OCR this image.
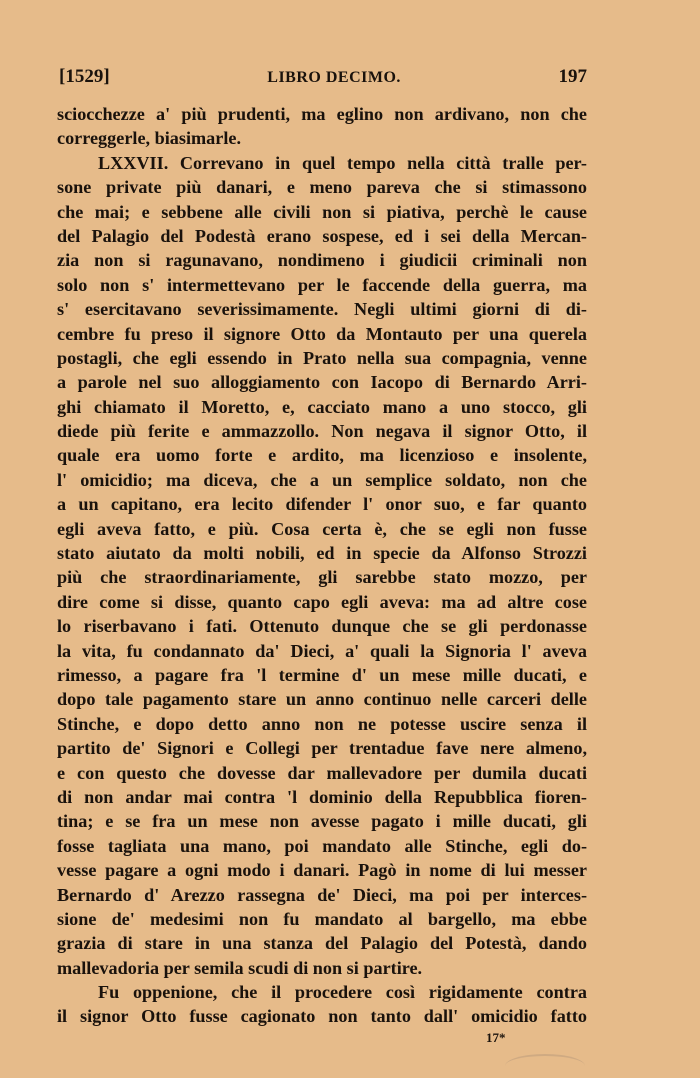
[1529]	LIBRO DECIMO.	197
sciocchezze a' più prudenti, ma eglino non ardivano, non che
correggerle, biasimarle.
LXXVII. Correvano in quel tempo nella città tralle per-
sone private più danari, e meno pareva che si stimassono
che mai; e sebbene alle civili non si piativa, perchè le cause
del Palagio del Podestà erano sospese, ed i sei della Mercan-
zia non si ragunavano, nondimeno i giudicii criminali non
solo non s' intermettevano per le faccende della guerra, ma
s' esercitavano severissimamente. Negli ultimi giorni di di-
cembre fu preso il signore Otto da Montauto per una querela
postagli, che egli essendo in Prato nella sua compagnia, venne
a parole nel suo alloggiamento con Iacopo di Bernardo Arri-
ghi chiamato il Moretto, e, cacciato mano a uno stocco, gli
diede più ferite e ammazzollo. Non negava il signor Otto, il
quale era uomo forte e ardito, ma licenzioso e insolente,
l' omicidio; ma diceva, che a un semplice soldato, non che
a un capitano, era lecito difender l' onor suo, e far quanto
egli aveva fatto, e più. Cosa certa è, che se egli non fusse
stato aiutato da molti nobili, ed in specie da Alfonso Strozzi
più che straordinariamente, gli sarebbe stato mozzo, per
dire come si disse, quanto capo egli aveva: ma ad altre cose
lo riserbavano i fati. Ottenuto dunque che se gli perdonasse
la vita, fu condannato da' Dieci, a' quali la Signoria l' aveva
rimesso, a pagare fra 'l termine d' un mese mille ducati, e
dopo tale pagamento stare un anno continuo nelle carceri delle
Stinche, e dopo detto anno non ne potesse uscire senza il
partito de' Signori e Collegi per trentadue fave nere almeno,
e con questo che dovesse dar mallevadore per dumila ducati
di non andar mai contra 'l dominio della Repubblica fioren-
tina; e se fra un mese non avesse pagato i mille ducati, gli
fosse tagliata una mano, poi mandato alle Stinche, egli do-
vesse pagare a ogni modo i danari. Pagò in nome di lui messer
Bernardo d' Arezzo rassegna de' Dieci, ma poi per interces-
sione de' medesimi non fu mandato al bargello, ma ebbe
grazia di stare in una stanza del Palagio del Potestà, dando
mallevadoria per semila scudi di non si partire.
Fu oppenione, che il procedere così rigidamente contra
il signor Otto fusse cagionato non tanto dall' omicidio fatto
17*
